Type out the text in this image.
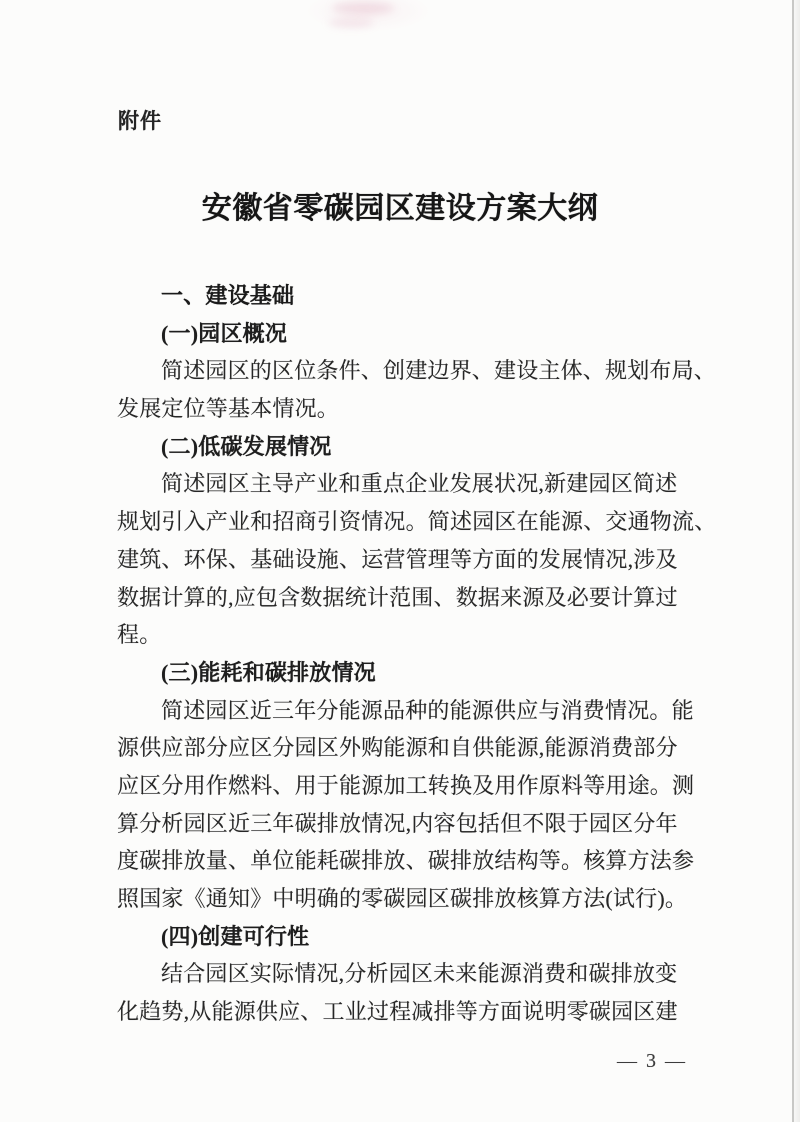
附件
安徽省零碳园区建设方案大纲
一、建设基础
(一)园区概况
简述园区的区位条件、创建边界、建设主体、规划布局、
发展定位等基本情况。
(二)低碳发展情况
简述园区主导产业和重点企业发展状况,新建园区简述
规划引入产业和招商引资情况。简述园区在能源、交通物流、
建筑、环保、基础设施、运营管理等方面的发展情况,涉及
数据计算的,应包含数据统计范围、数据来源及必要计算过
程。
(三)能耗和碳排放情况
简述园区近三年分能源品种的能源供应与消费情况。能
源供应部分应区分园区外购能源和自供能源,能源消费部分
应区分用作燃料、用于能源加工转换及用作原料等用途。测
算分析园区近三年碳排放情况,内容包括但不限于园区分年
度碳排放量、单位能耗碳排放、碳排放结构等。核算方法参
照国家《通知》中明确的零碳园区碳排放核算方法(试行)。
(四)创建可行性
结合园区实际情况,分析园区未来能源消费和碳排放变
化趋势,从能源供应、工业过程减排等方面说明零碳园区建
— 3 —
